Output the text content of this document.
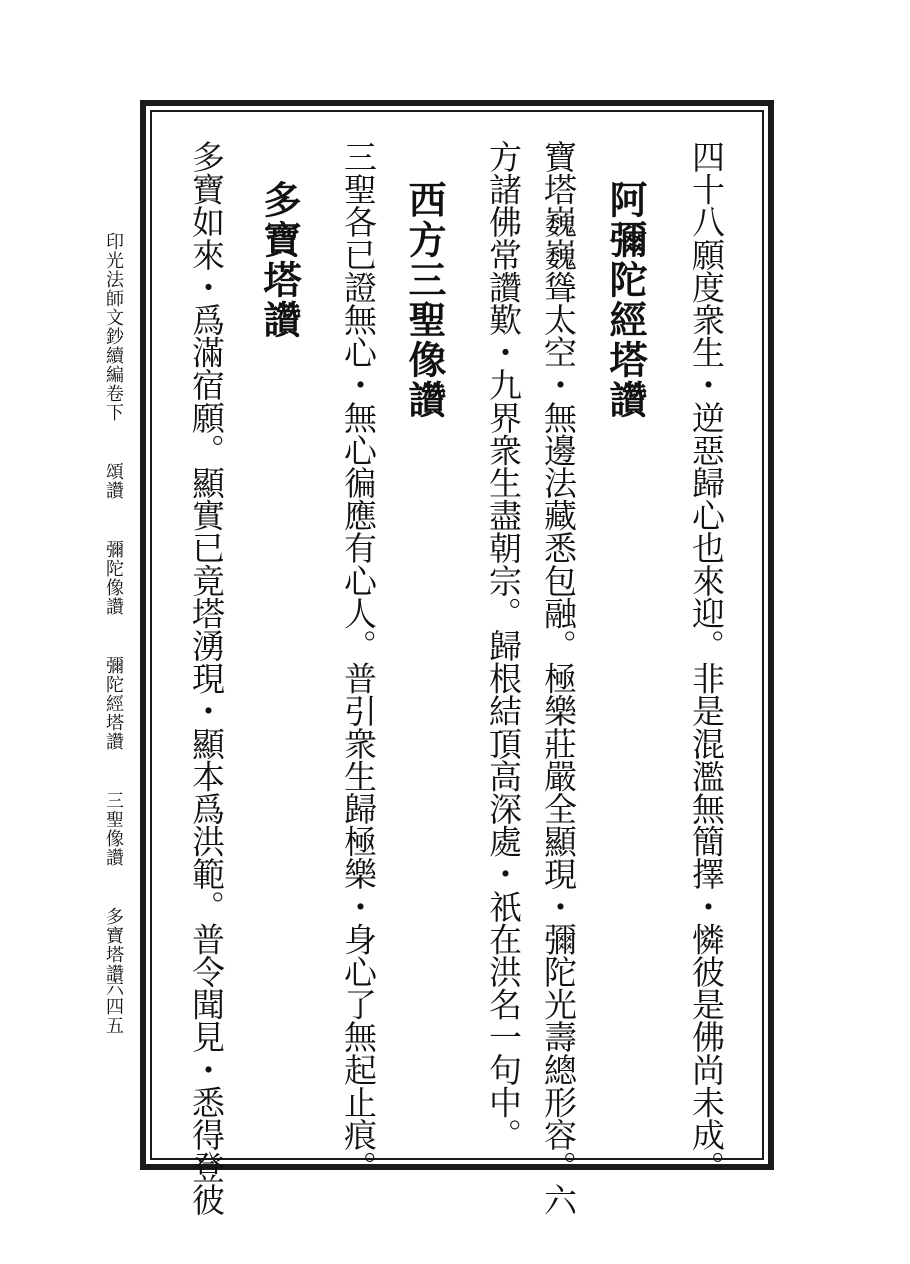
四十八願度衆生・逆惡歸心也來迎。非是混濫無簡擇・憐彼是佛尚未成。
阿彌陀經塔讚
寶塔巍巍聳太空・無邊法藏悉包融。極樂莊嚴全顯現・彌陀光壽總形容。六
方諸佛常讚歎・九界衆生盡朝宗。歸根結頂高深處・祇在洪名一句中。
西方三聖像讚
三聖各已證無心・無心徧應有心人。普引衆生歸極樂・身心了無起止痕。
多寶塔讚
多寶如來・爲滿宿願。顯實已竟塔湧現・顯本爲洪範。普令聞見・悉得登彼
印光法師文鈔續編卷下 頌讚 彌陀像讚 彌陀經塔讚 三聖像讚 多寶塔讚
六四五
